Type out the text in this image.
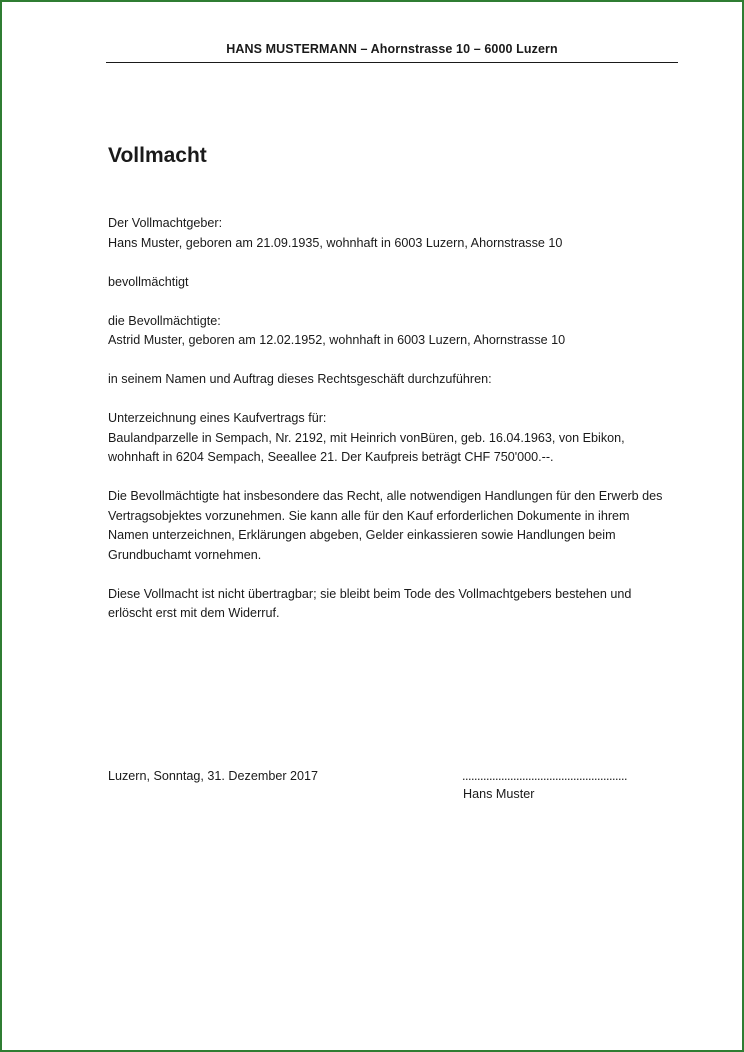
HANS MUSTERMANN – Ahornstrasse 10 – 6000 Luzern
Vollmacht

Der Vollmachtgeber:

Hans Muster, geboren am 21.09.1935, wohnhaft in 6003 Luzern, Ahornstrasse 10

bevollmächtigt

die Bevollmächtigte:

Astrid Muster, geboren am 12.02.1952, wohnhaft in 6003 Luzern, Ahornstrasse 10

in seinem Namen und Auftrag dieses Rechtsgeschäft durchzuführen:

Unterzeichnung eines Kaufvertrags für:

Baulandparzelle in Sempach, Nr. 2192, mit Heinrich vonBüren, geb. 16.04.1963, von Ebikon,

wohnhaft in 6204 Sempach, Seeallee 21. Der Kaufpreis beträgt CHF 750'000.--.

Die Bevollmächtigte hat insbesondere das Recht, alle notwendigen Handlungen für den Erwerb des

Vertragsobjektes vorzunehmen. Sie kann alle für den Kauf erforderlichen Dokumente in ihrem

Namen unterzeichnen, Erklärungen abgeben, Gelder einkassieren sowie Handlungen beim

Grundbuchamt vornehmen.

Diese Vollmacht ist nicht übertragbar; sie bleibt beim Tode des Vollmachtgebers bestehen und

erlöscht erst mit dem Widerruf.

Luzern, Sonntag, 31. Dezember 2017	.......................................................
Hans Muster
